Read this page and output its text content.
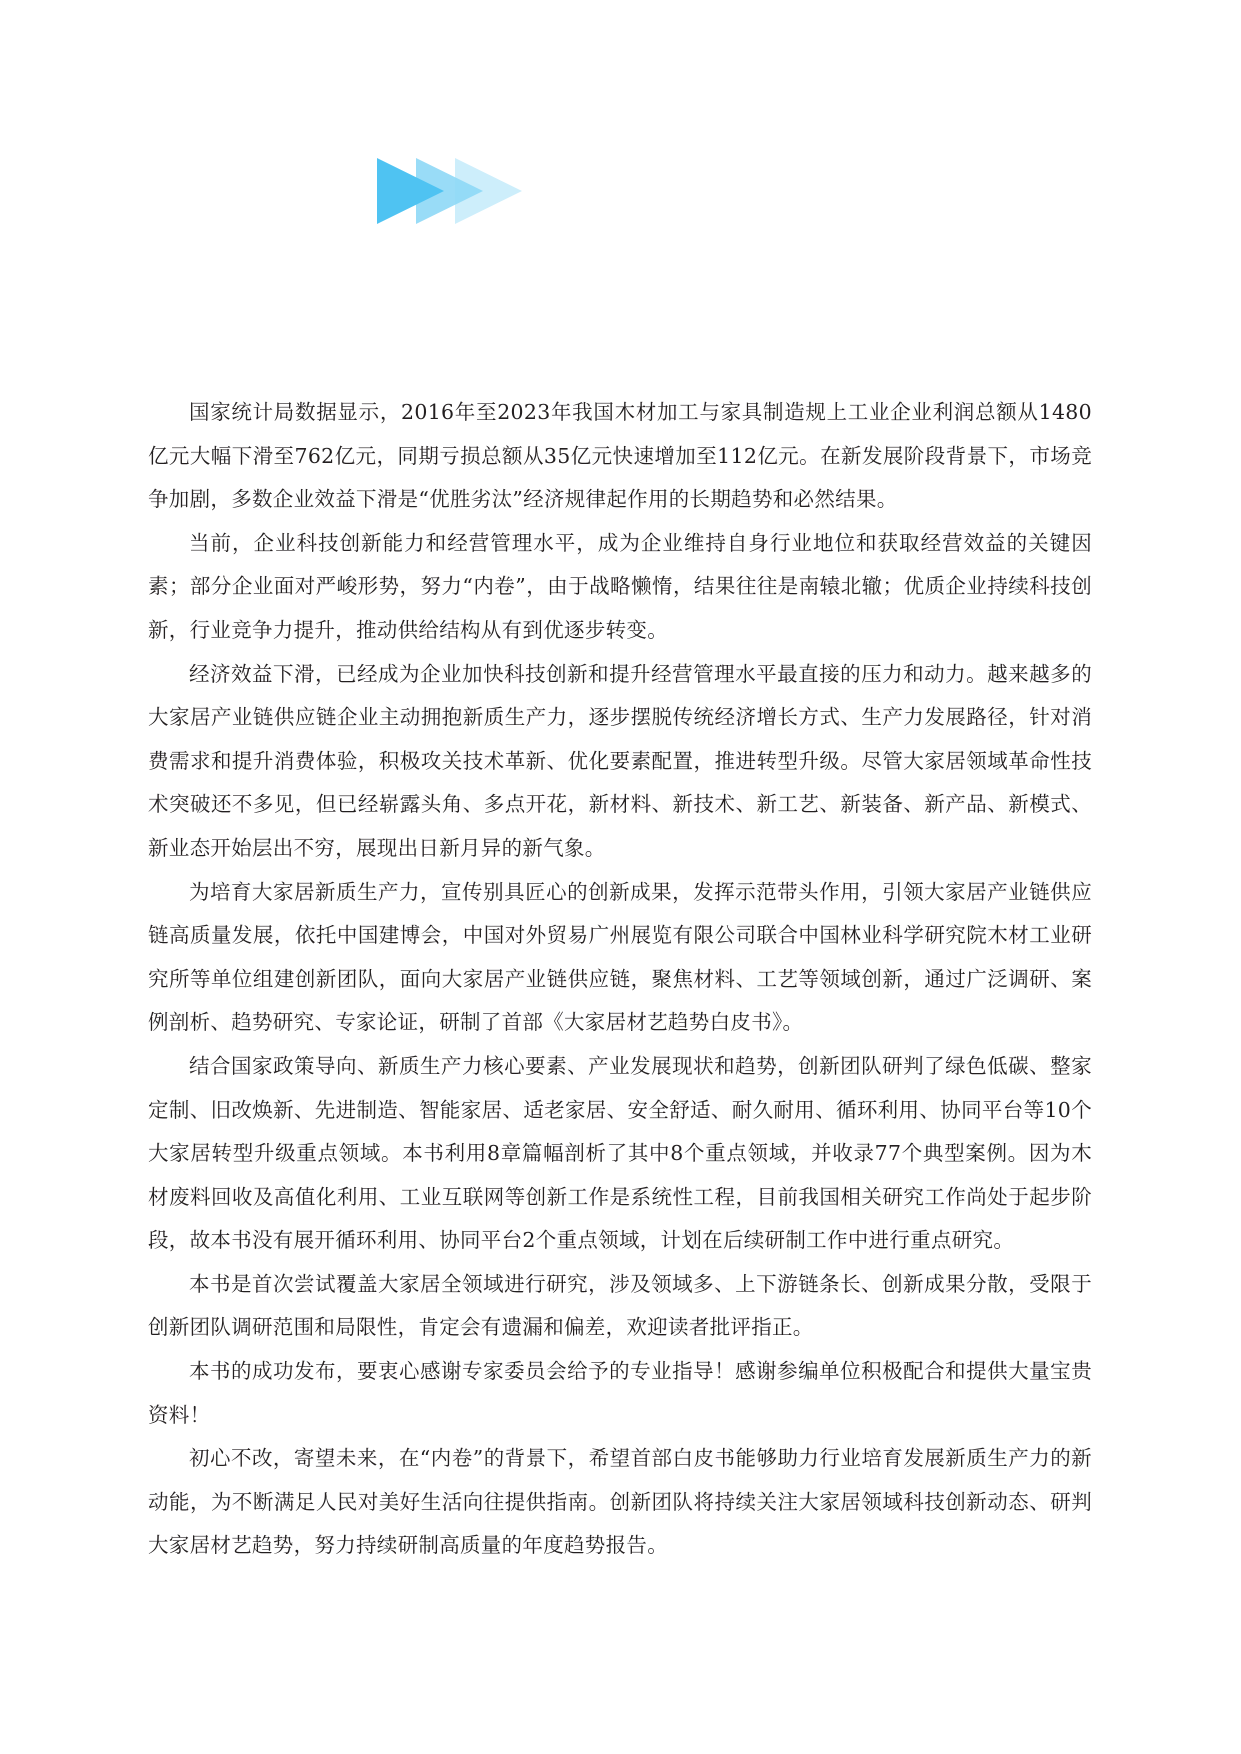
国家统计局数据显示，2016年至2023年我国木材加工与家具制造规上工业企业利润总额从1480亿元大幅下滑至762亿元，同期亏损总额从35亿元快速增加至112亿元。在新发展阶段背景下，市场竞争加剧，多数企业效益下滑是“优胜劣汰”经济规律起作用的长期趋势和必然结果。

当前，企业科技创新能力和经营管理水平，成为企业维持自身行业地位和获取经营效益的关键因素；部分企业面对严峻形势，努力“内卷”，由于战略懒惰，结果往往是南辕北辙；优质企业持续科技创新，行业竞争力提升，推动供给结构从有到优逐步转变。

经济效益下滑，已经成为企业加快科技创新和提升经营管理水平最直接的压力和动力。越来越多的大家居产业链供应链企业主动拥抱新质生产力，逐步摆脱传统经济增长方式、生产力发展路径，针对消费需求和提升消费体验，积极攻关技术革新、优化要素配置，推进转型升级。尽管大家居领域革命性技术突破还不多见，但已经崭露头角、多点开花，新材料、新技术、新工艺、新装备、新产品、新模式、新业态开始层出不穷，展现出日新月异的新气象。

为培育大家居新质生产力，宣传别具匠心的创新成果，发挥示范带头作用，引领大家居产业链供应链高质量发展，依托中国建博会，中国对外贸易广州展览有限公司联合中国林业科学研究院木材工业研究所等单位组建创新团队，面向大家居产业链供应链，聚焦材料、工艺等领域创新，通过广泛调研、案例剖析、趋势研究、专家论证，研制了首部《大家居材艺趋势白皮书》。

结合国家政策导向、新质生产力核心要素、产业发展现状和趋势，创新团队研判了绿色低碳、整家定制、旧改焕新、先进制造、智能家居、适老家居、安全舒适、耐久耐用、循环利用、协同平台等10个大家居转型升级重点领域。本书利用8章篇幅剖析了其中8个重点领域，并收录77个典型案例。因为木材废料回收及高值化利用、工业互联网等创新工作是系统性工程，目前我国相关研究工作尚处于起步阶段，故本书没有展开循环利用、协同平台2个重点领域，计划在后续研制工作中进行重点研究。

本书是首次尝试覆盖大家居全领域进行研究，涉及领域多、上下游链条长、创新成果分散，受限于创新团队调研范围和局限性，肯定会有遗漏和偏差，欢迎读者批评指正。

本书的成功发布，要衷心感谢专家委员会给予的专业指导！感谢参编单位积极配合和提供大量宝贵资料！

初心不改，寄望未来，在“内卷”的背景下，希望首部白皮书能够助力行业培育发展新质生产力的新动能，为不断满足人民对美好生活向往提供指南。创新团队将持续关注大家居领域科技创新动态、研判大家居材艺趋势，努力持续研制高质量的年度趋势报告。
